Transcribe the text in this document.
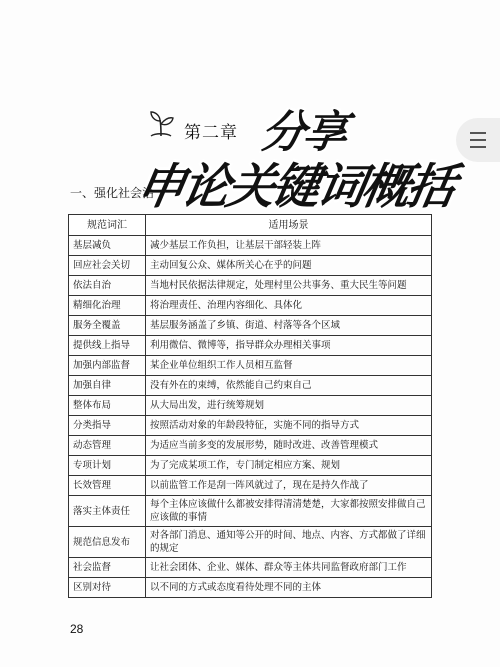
第二章 分享
申论关键词概括
一、强化社会治
规范词汇	适用场景
基层减负	减少基层工作负担，让基层干部轻装上阵
回应社会关切	主动回复公众、媒体所关心在乎的问题
依法自治	当地村民依据法律规定，处理村里公共事务、重大民生等问题
精细化治理	将治理责任、治理内容细化、具体化
服务全覆盖	基层服务涵盖了乡镇、街道、村落等各个区域
提供线上指导	利用微信、微博等，指导群众办理相关事项
加强内部监督	某企业单位组织工作人员相互监督
加强自律	没有外在的束缚，依然能自己约束自己
整体布局	从大局出发，进行统筹规划
分类指导	按照活动对象的年龄段特征，实施不同的指导方式
动态管理	为适应当前多变的发展形势，随时改进、改善管理模式
专项计划	为了完成某项工作，专门制定相应方案、规划
长效管理	以前监管工作是刮一阵风就过了，现在是持久作战了
落实主体责任	每个主体应该做什么都被安排得清清楚楚，大家都按照安排做自己应该做的事情
规范信息发布	对各部门消息、通知等公开的时间、地点、内容、方式都做了详细的规定
社会监督	让社会团体、企业、媒体、群众等主体共同监督政府部门工作
区别对待	以不同的方式或态度看待处理不同的主体
28
